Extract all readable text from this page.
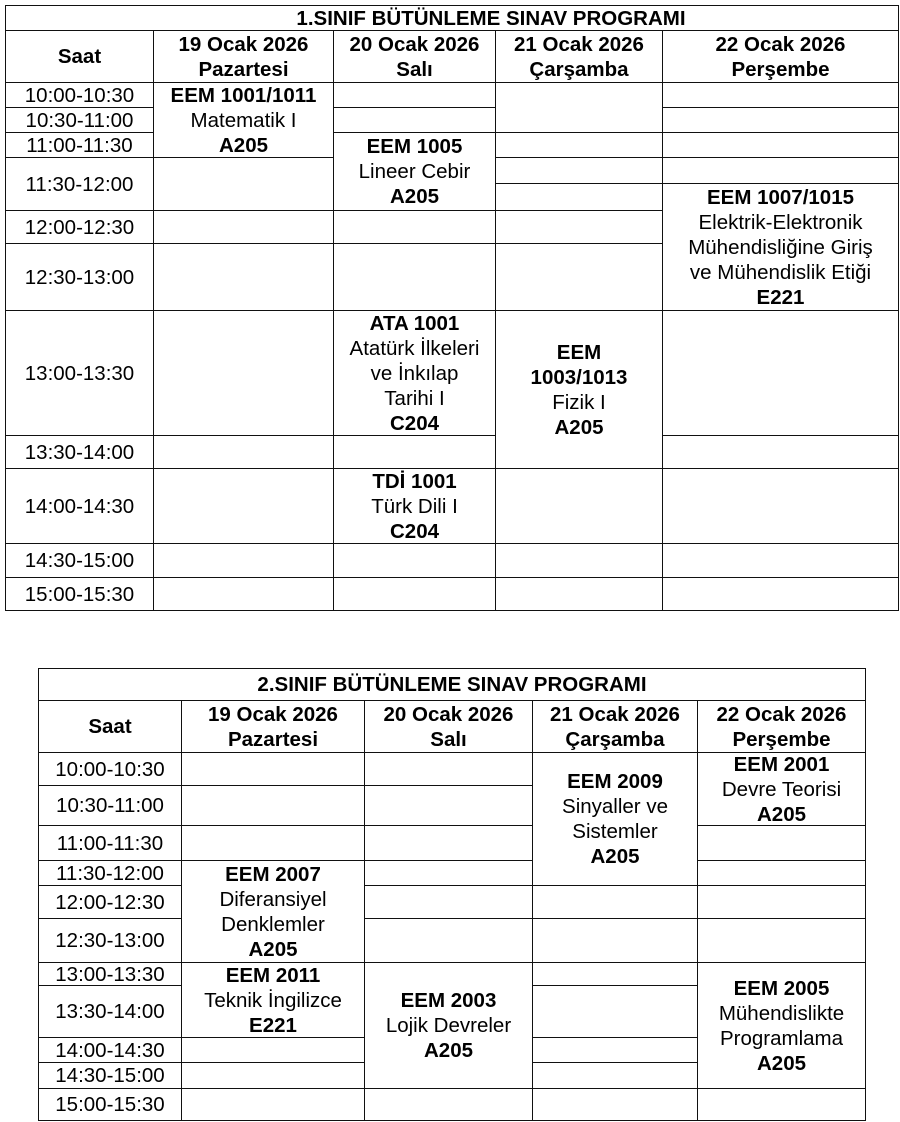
1.SINIF BÜTÜNLEME SINAV PROGRAMI
Saat
19 Ocak 2026
Pazartesi
20 Ocak 2026
Salı
21 Ocak 2026
Çarşamba
22 Ocak 2026
Perşembe
10:00-10:30
10:30-11:00
11:00-11:30
11:30-12:00
12:00-12:30
12:30-13:00
13:00-13:30
13:30-14:00
14:00-14:30
14:30-15:00
15:00-15:30
EEM 1001/1011
Matematik I
A205	EEM 1005
Lineer Cebir
A205
ATA 1001
Atatürk İlkeleri
ve İnkılap
Tarihi I
C204
TDİ 1001
Türk Dili I
C204
EEM
1003/1013
Fizik I
A205
EEM 1007/1015
Elektrik-Elektronik
Mühendisliğine Giriş
ve Mühendislik Etiği
E221
2.SINIF BÜTÜNLEME SINAV PROGRAMI
Saat
19 Ocak 2026
Pazartesi
20 Ocak 2026
Salı
21 Ocak 2026
Çarşamba
22 Ocak 2026
Perşembe
10:00-10:30
10:30-11:00
11:00-11:30
11:30-12:00
12:00-12:30
12:30-13:00
13:00-13:30
13:30-14:00
14:00-14:30
14:30-15:00
15:00-15:30
EEM 2007
Diferansiyel
Denklemler
A205
EEM 2011
Teknik İngilizce
E221
EEM 2003
Lojik Devreler
A205
EEM 2009
Sinyaller ve
Sistemler
A205
EEM 2001
Devre Teorisi
A205
EEM 2005
Mühendislikte
Programlama
A205
